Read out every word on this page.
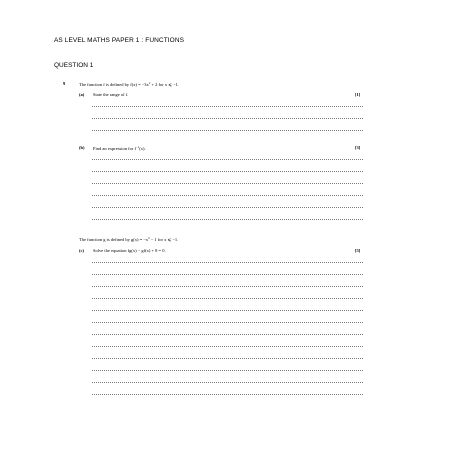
AS LEVEL MATHS PAPER 1 : FUNCTIONS
QUESTION 1
9	The function f is defined by $f(x) = -3x^2 + 2$ for x ⩽ −1.
(a) State the range of f.	[1]
(b) Find an expression for $f^{-1}(x)$.	[3]
The function g is defined by $g(x) = -x^2 - 1$ for x ⩽ −1.
(c) Solve the equation fg(x) − gf(x) + 8 = 0.	[5]
